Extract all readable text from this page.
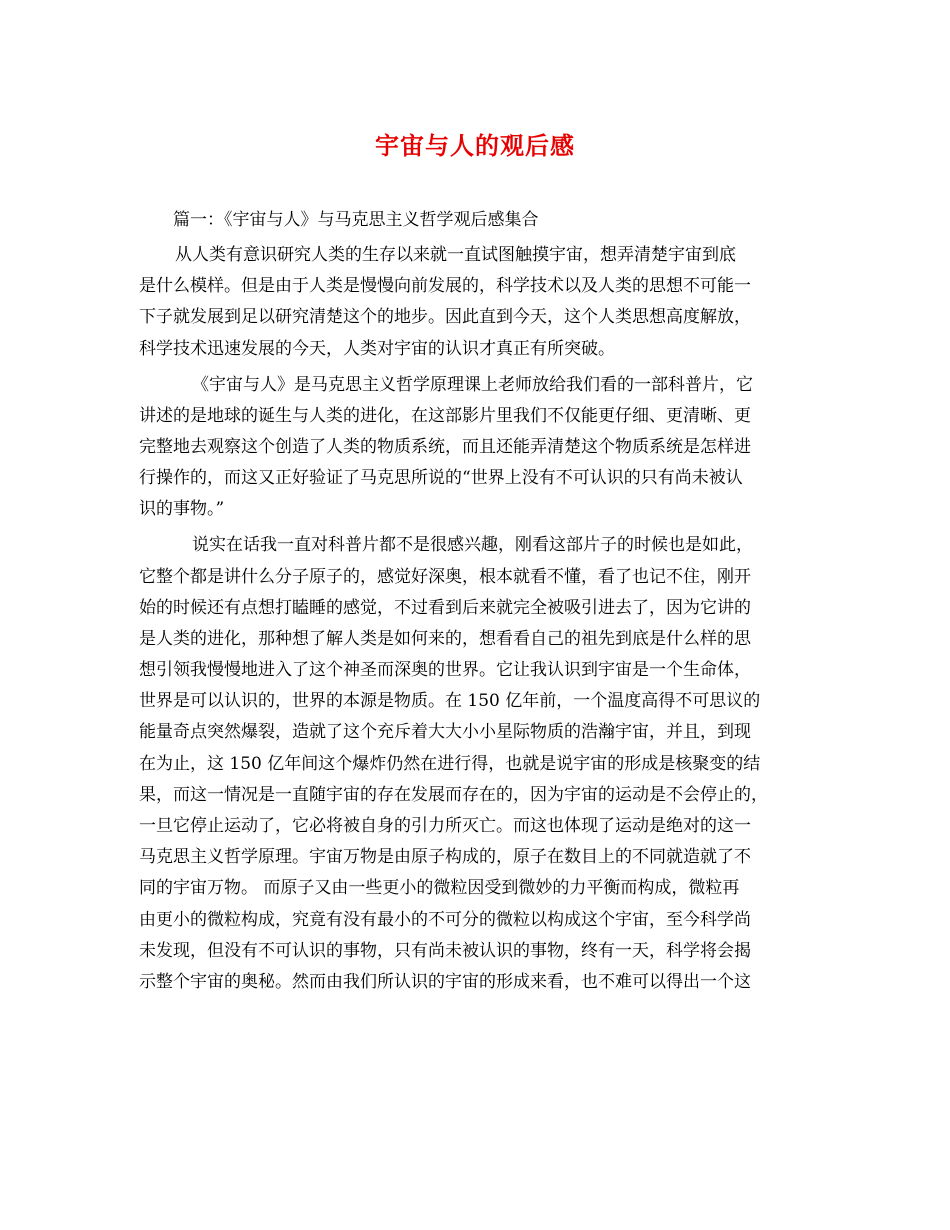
宇宙与人的观后感
篇一：《宇宙与人》与马克思主义哲学观后感集合
从人类有意识研究人类的生存以来就一直试图触摸宇宙，想弄清楚宇宙到底
是什么模样。但是由于人类是慢慢向前发展的，科学技术以及人类的思想不可能一
下子就发展到足以研究清楚这个的地步。因此直到今天，这个人类思想高度解放，
科学技术迅速发展的今天，人类对宇宙的认识才真正有所突破。
《宇宙与人》是马克思主义哲学原理课上老师放给我们看的一部科普片，它
讲述的是地球的诞生与人类的进化，在这部影片里我们不仅能更仔细、更清晰、更
完整地去观察这个创造了人类的物质系统，而且还能弄清楚这个物质系统是怎样进
行操作的，而这又正好验证了马克思所说的“世界上没有不可认识的只有尚未被认
识的事物。”
说实在话我一直对科普片都不是很感兴趣，刚看这部片子的时候也是如此，
它整个都是讲什么分子原子的，感觉好深奥，根本就看不懂，看了也记不住，刚开
始的时候还有点想打瞌睡的感觉，不过看到后来就完全被吸引进去了，因为它讲的
是人类的进化，那种想了解人类是如何来的，想看看自己的祖先到底是什么样的思
想引领我慢慢地进入了这个神圣而深奥的世界。它让我认识到宇宙是一个生命体，
世界是可以认识的，世界的本源是物质。在 150 亿年前，一个温度高得不可思议的
能量奇点突然爆裂，造就了这个充斥着大大小小星际物质的浩瀚宇宙，并且，到现
在为止，这 150 亿年间这个爆炸仍然在进行得，也就是说宇宙的形成是核聚变的结
果，而这一情况是一直随宇宙的存在发展而存在的，因为宇宙的运动是不会停止的，
一旦它停止运动了，它必将被自身的引力所灭亡。而这也体现了运动是绝对的这一
马克思主义哲学原理。宇宙万物是由原子构成的，原子在数目上的不同就造就了不
同的宇宙万物。 而原子又由一些更小的微粒因受到微妙的力平衡而构成，微粒再
由更小的微粒构成，究竟有没有最小的不可分的微粒以构成这个宇宙，至今科学尚
未发现，但没有不可认识的事物，只有尚未被认识的事物，终有一天，科学将会揭
示整个宇宙的奥秘。然而由我们所认识的宇宙的形成来看，也不难可以得出一个这
